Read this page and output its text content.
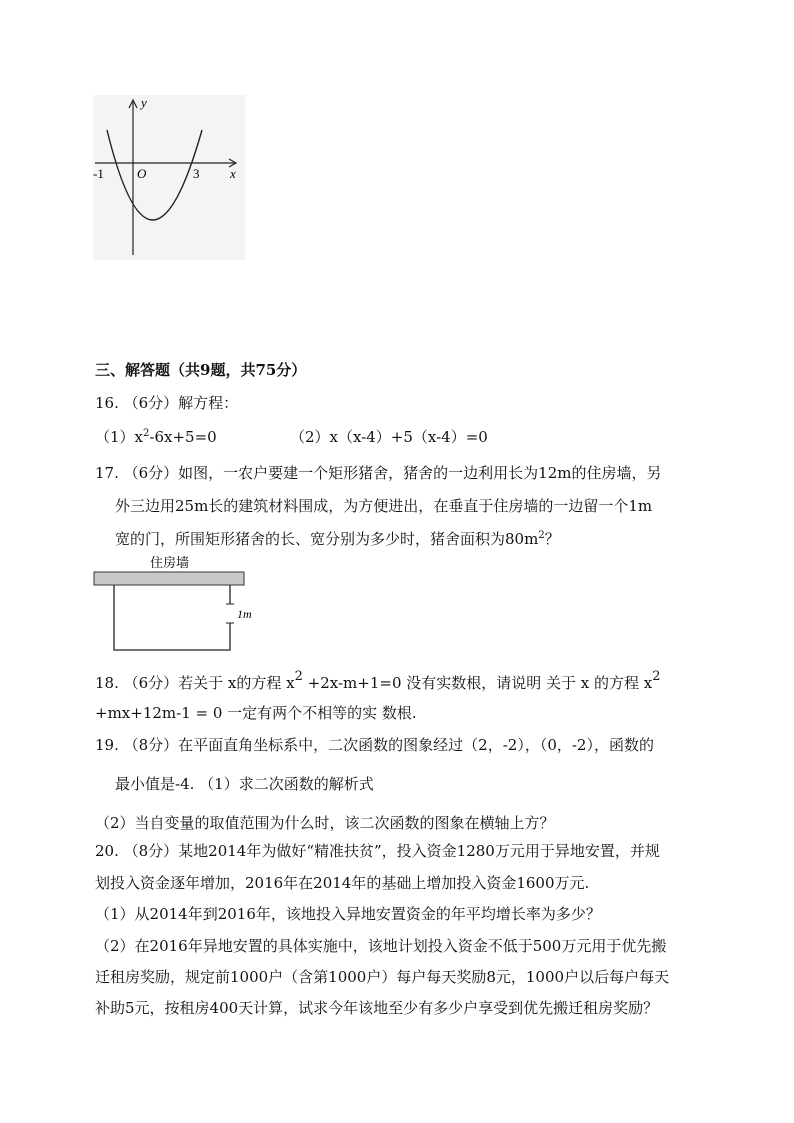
y
x
O
-1	3
三、解答题（共9题，共75分）
16. （6分）解方程：
$(1)x^2-6x+5=0$	（2）x（x-4）+5（x-4）=0
17. （6分）如图，一农户要建一个矩形猪舍，猪舍的一边利用长为12m的住房墙，另
外三边用25m长的建筑材料围成，为方便进出，在垂直于住房墙的一边留一个1m
宽的门，所围矩形猪舍的长、宽分别为多少时，猪舍面积为$80m^2$？
住房墙
1m
18. （6分）若关于 x的方程 x2 +2x-m+1=0 没有实数根，请说明 关于 x 的方程 x2
+mx+12m-1 = 0 一定有两个不相等的实 数根.
19. （8分）在平面直角坐标系中，二次函数的图象经过（2，-2），（0，-2），函数的
最小值是-4. （1）求二次函数的解析式
（2）当自变量的取值范围为什么时，该二次函数的图象在横轴上方？
20. （8分）某地2014年为做好“精准扶贫”，投入资金1280万元用于异地安置，并规
划投入资金逐年增加，2016年在2014年的基础上增加投入资金1600万元.
（1）从2014年到2016年，该地投入异地安置资金的年平均增长率为多少？
（2）在2016年异地安置的具体实施中，该地计划投入资金不低于500万元用于优先搬
迁租房奖励，规定前1000户（含第1000户）每户每天奖励8元，1000户以后每户每天
补助5元，按租房400天计算，试求今年该地至少有多少户享受到优先搬迁租房奖励？
